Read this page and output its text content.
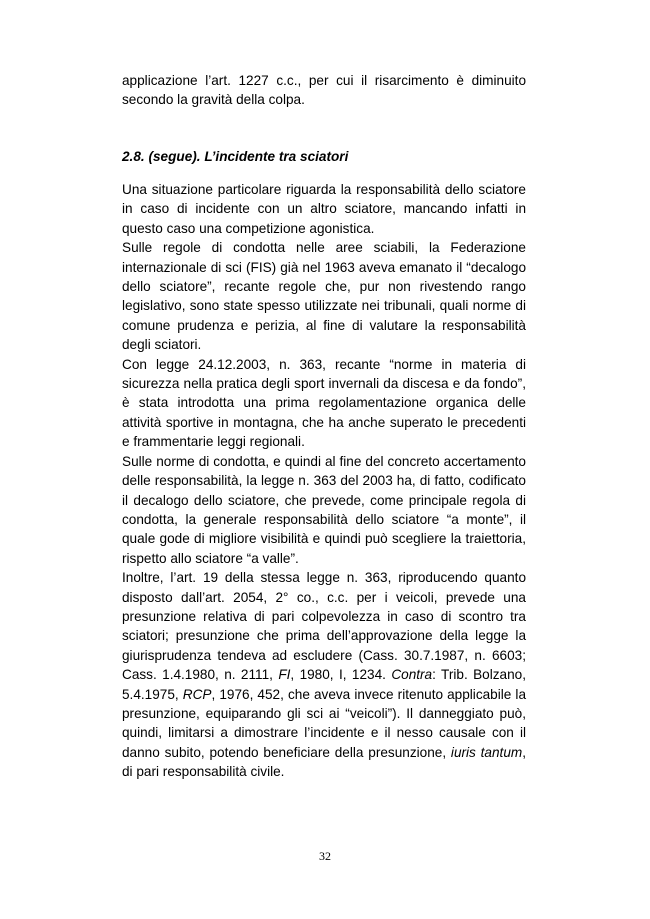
applicazione l’art. 1227 c.c., per cui il risarcimento è diminuito secondo la gravità della colpa.
2.8. (segue). L’incidente tra sciatori

Una situazione particolare riguarda la responsabilità dello sciatore in caso di incidente con un altro sciatore, mancando infatti in questo caso una competizione agonistica.

Sulle regole di condotta nelle aree sciabili, la Federazione internazionale di sci (FIS) già nel 1963 aveva emanato il “decalogo dello sciatore”, recante regole che, pur non rivestendo rango legislativo, sono state spesso utilizzate nei tribunali, quali norme di comune prudenza e perizia, al fine di valutare la responsabilità degli sciatori.

Con legge 24.12.2003, n. 363, recante “norme in materia di sicurezza nella pratica degli sport invernali da discesa e da fondo”, è stata introdotta una prima regolamentazione organica delle attività sportive in montagna, che ha anche superato le precedenti e frammentarie leggi regionali.

Sulle norme di condotta, e quindi al fine del concreto accertamento delle responsabilità, la legge n. 363 del 2003 ha, di fatto, codificato il decalogo dello sciatore, che prevede, come principale regola di condotta, la generale responsabilità dello sciatore “a monte”, il quale gode di migliore visibilità e quindi può scegliere la traiettoria, rispetto allo sciatore “a valle”.

Inoltre, l’art. 19 della stessa legge n. 363, riproducendo quanto disposto dall’art. 2054, 2° co., c.c. per i veicoli, prevede una presunzione relativa di pari colpevolezza in caso di scontro tra sciatori; presunzione che prima dell’approvazione della legge la giurisprudenza tendeva ad escludere (Cass. 30.7.1987, n. 6603; Cass. 1.4.1980, n. 2111, FI, 1980, I, 1234. Contra: Trib. Bolzano, 5.4.1975, RCP, 1976, 452, che aveva invece ritenuto applicabile la presunzione, equiparando gli sci ai “veicoli”). Il danneggiato può, quindi, limitarsi a dimostrare l’incidente e il nesso causale con il danno subito, potendo beneficiare della presunzione, iuris tantum, di pari responsabilità civile.

32
